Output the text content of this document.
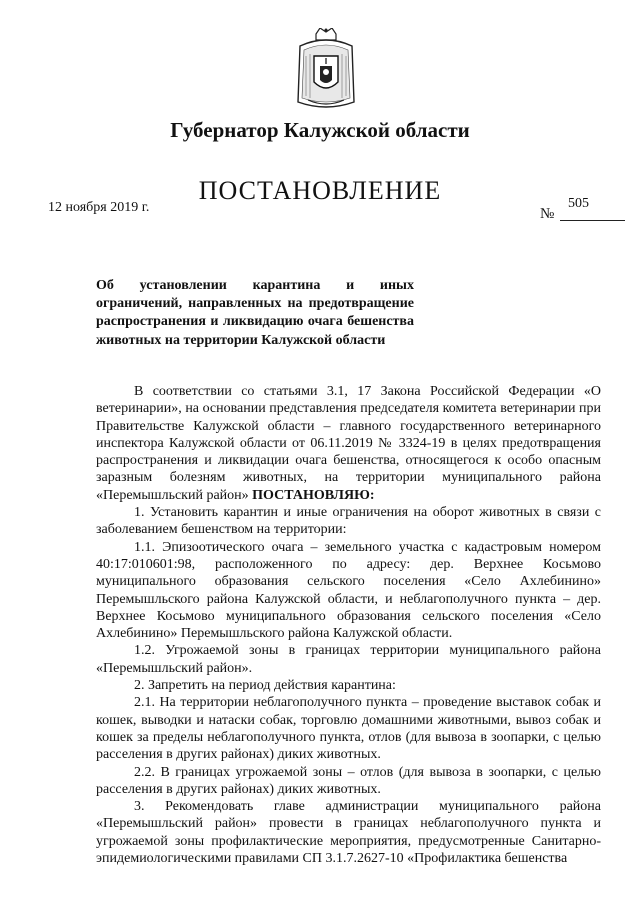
Губернатор Калужской области
ПОСТАНОВЛЕНИЕ
12 ноября 2019 г.	№
505
Об установлении карантина и иных ограничений, направленных на предотвращение распространения и ликвидацию очага бешенства животных на территории Калужской области

В соответствии со статьями 3.1, 17 Закона Российской Федерации «О ветеринарии», на основании представления председателя комитета ветеринарии при Правительстве Калужской области – главного государственного ветеринарного инспектора Калужской области от 06.11.2019 № 3324-19 в целях предотвращения распространения и ликвидации очага бешенства, относящегося к особо опасным заразным болезням животных, на территории муниципального района «Перемышльский район» ПОСТАНОВЛЯЮ:

1. Установить карантин и иные ограничения на оборот животных в связи с заболеванием бешенством на территории:

1.1. Эпизоотического очага – земельного участка с кадастровым номером 40:17:010601:98, расположенного по адресу: дер. Верхнее Косьмово муниципального образования сельского поселения «Село Ахлебинино» Перемышльского района Калужской области, и неблагополучного пункта – дер. Верхнее Косьмово муниципального образования сельского поселения «Село Ахлебинино» Перемышльского района Калужской области.

1.2. Угрожаемой зоны в границах территории муниципального района «Перемышльский район».

2. Запретить на период действия карантина:

2.1. На территории неблагополучного пункта – проведение выставок собак и кошек, выводки и натаски собак, торговлю домашними животными, вывоз собак и кошек за пределы неблагополучного пункта, отлов (для вывоза в зоопарки, с целью расселения в других районах) диких животных.

2.2. В границах угрожаемой зоны – отлов (для вывоза в зоопарки, с целью расселения в других районах) диких животных.

3. Рекомендовать главе администрации муниципального района «Перемышльский район» провести в границах неблагополучного пункта и угрожаемой зоны профилактические мероприятия, предусмотренные Санитарно-эпидемиологическими правилами СП 3.1.7.2627-10 «Профилактика бешенства
